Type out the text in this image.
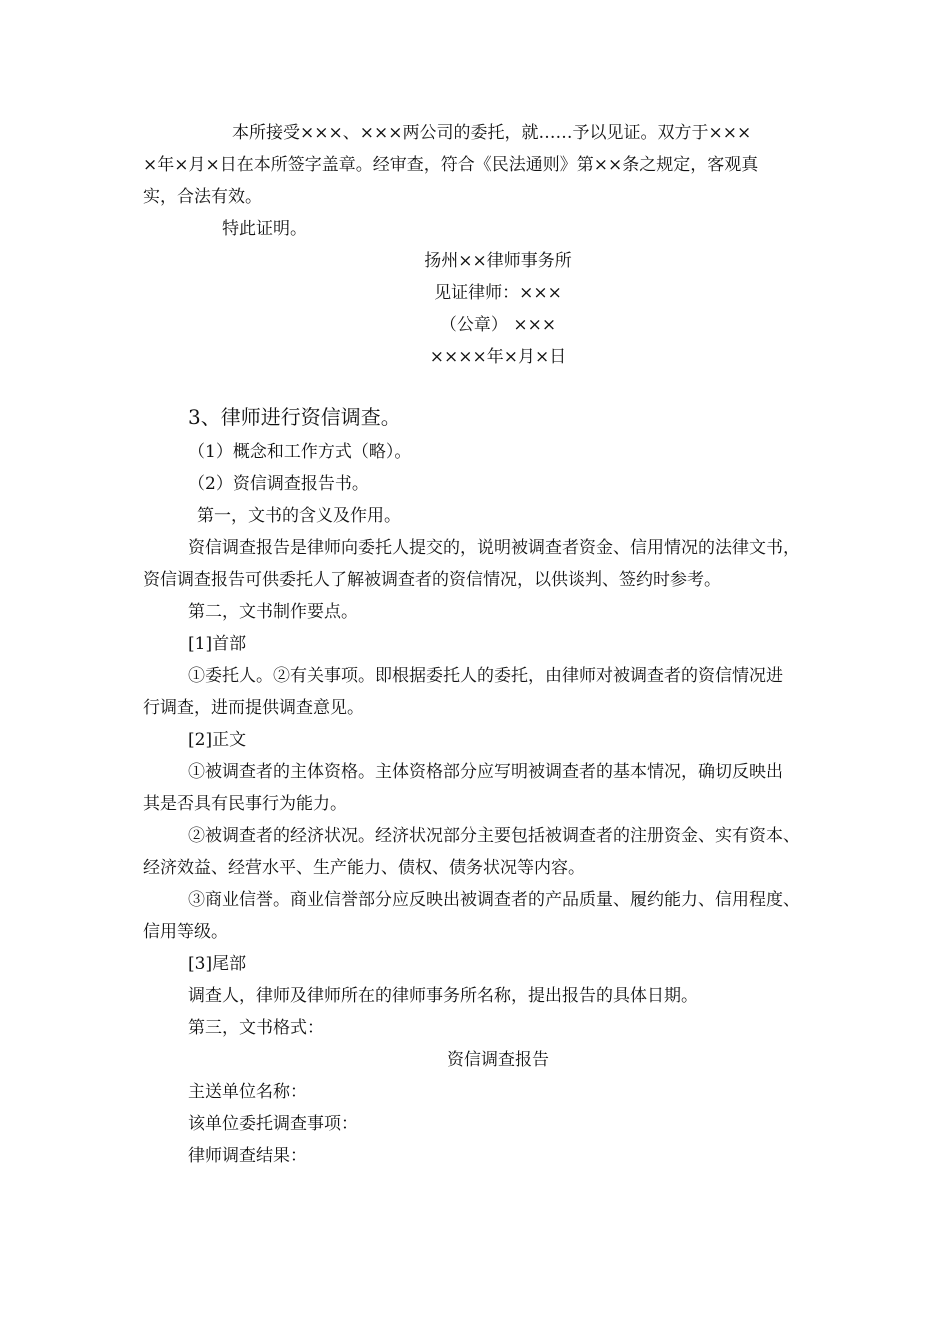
本所接受×××、×××两公司的委托，就……予以见证。双方于×××
×年×月×日在本所签字盖章。经审查，符合《民法通则》第××条之规定，客观真
实，合法有效。
特此证明。
扬州××律师事务所
见证律师：×××
（公章） ×××
××××年×月×日
3、律师进行资信调查。
（1）概念和工作方式（略）。
（2）资信调查报告书。
第一，文书的含义及作用。
资信调查报告是律师向委托人提交的，说明被调查者资金、信用情况的法律文书，
资信调查报告可供委托人了解被调查者的资信情况，以供谈判、签约时参考。
第二，文书制作要点。
[1]首部
①委托人。②有关事项。即根据委托人的委托，由律师对被调查者的资信情况进
行调查，进而提供调查意见。
[2]正文
①被调查者的主体资格。主体资格部分应写明被调查者的基本情况，确切反映出
其是否具有民事行为能力。
②被调查者的经济状况。经济状况部分主要包括被调查者的注册资金、实有资本、
经济效益、经营水平、生产能力、债权、债务状况等内容。
③商业信誉。商业信誉部分应反映出被调查者的产品质量、履约能力、信用程度、
信用等级。
[3]尾部
调查人，律师及律师所在的律师事务所名称，提出报告的具体日期。
第三，文书格式：
资信调查报告
主送单位名称：
该单位委托调查事项：
律师调查结果：
